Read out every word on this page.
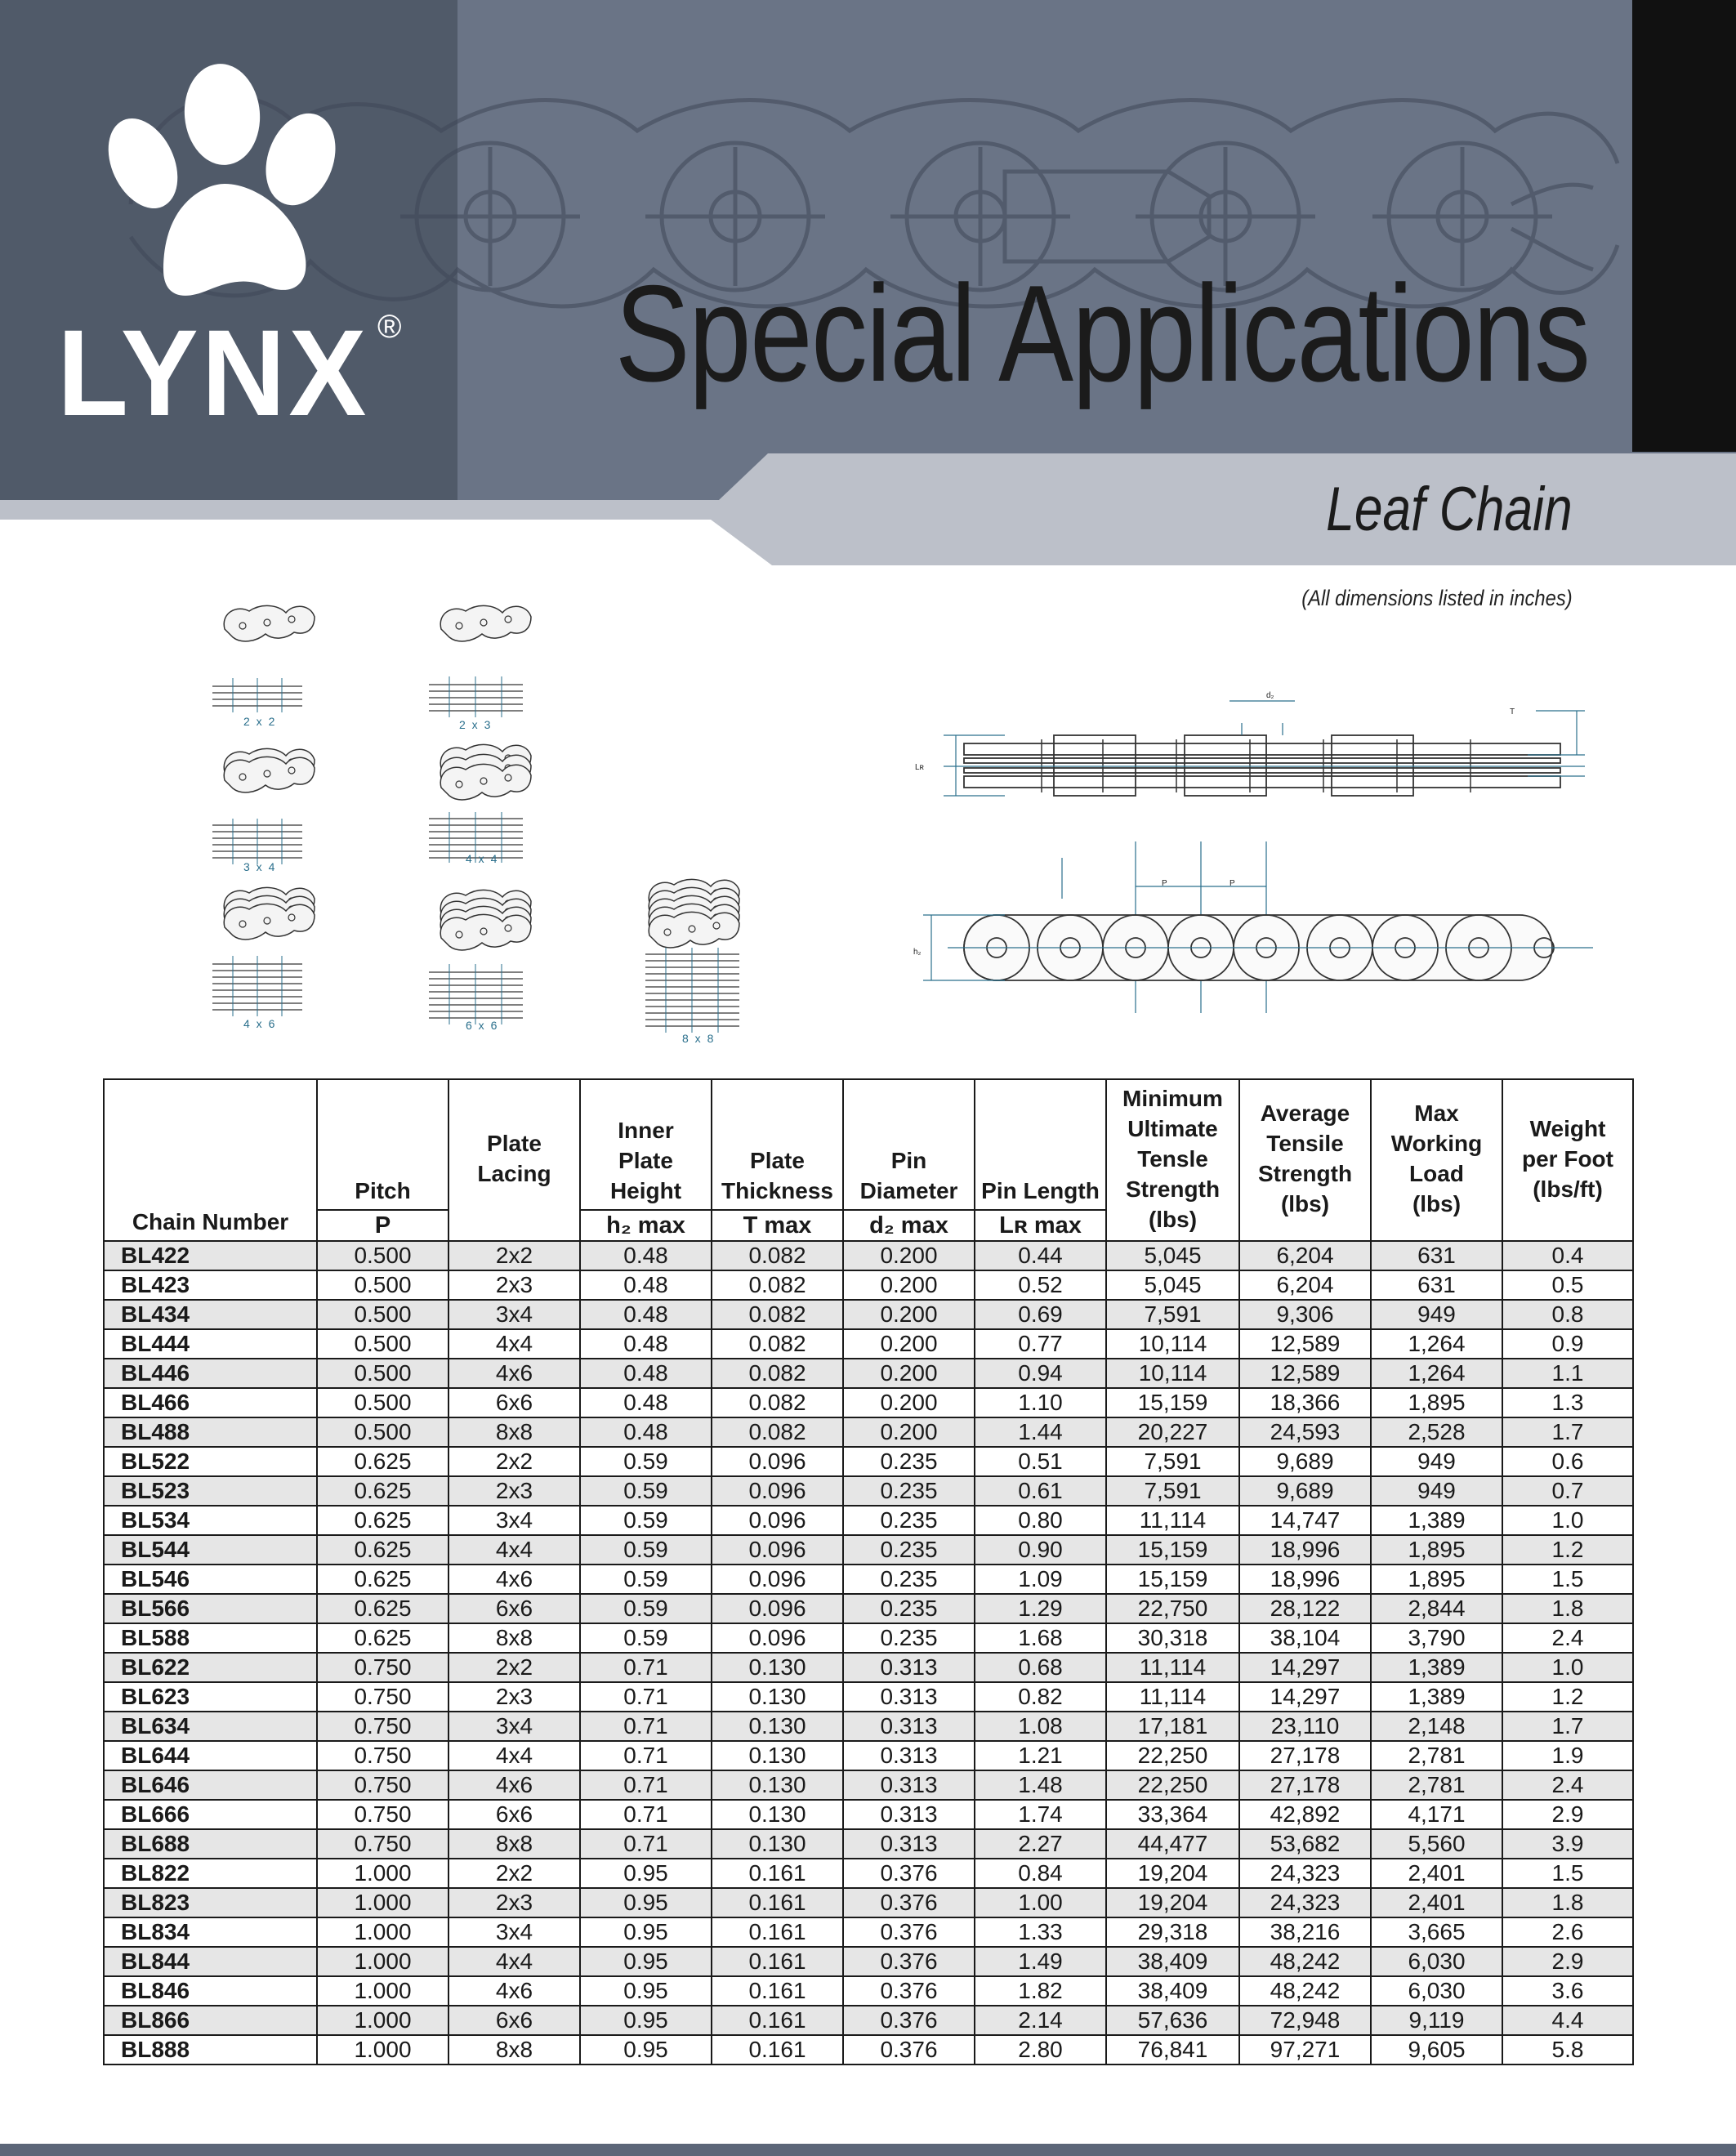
LYNX ® Special Applications
Leaf Chain
(All dimensions listed in inches)
2 x 2	2 x 3
3 x 4
4 x 4
4 x 6	6 x 6
8 x 8
d₂
T
Lʀ
P	P
h₂
Chain Number	Pitch	Plate Lacing	Inner Plate Height	Plate Thickness	Pin Diameter	Pin Length	Minimum Ultimate Tensle Strength (lbs)	Average Tensile Strength (lbs)	Max Working Load (lbs)	Weight per Foot (lbs/ft)

	P		h₂ max	T max	d₂ max	Lʀ max				
BL422	0.500	2x2	0.48	0.082	0.200	0.44	5,045	6,204	631	0.4
BL423	0.500	2x3	0.48	0.082	0.200	0.52	5,045	6,204	631	0.5
BL434	0.500	3x4	0.48	0.082	0.200	0.69	7,591	9,306	949	0.8
BL444	0.500	4x4	0.48	0.082	0.200	0.77	10,114	12,589	1,264	0.9
BL446	0.500	4x6	0.48	0.082	0.200	0.94	10,114	12,589	1,264	1.1
BL466	0.500	6x6	0.48	0.082	0.200	1.10	15,159	18,366	1,895	1.3
BL488	0.500	8x8	0.48	0.082	0.200	1.44	20,227	24,593	2,528	1.7
BL522	0.625	2x2	0.59	0.096	0.235	0.51	7,591	9,689	949	0.6
BL523	0.625	2x3	0.59	0.096	0.235	0.61	7,591	9,689	949	0.7
BL534	0.625	3x4	0.59	0.096	0.235	0.80	11,114	14,747	1,389	1.0
BL544	0.625	4x4	0.59	0.096	0.235	0.90	15,159	18,996	1,895	1.2
BL546	0.625	4x6	0.59	0.096	0.235	1.09	15,159	18,996	1,895	1.5
BL566	0.625	6x6	0.59	0.096	0.235	1.29	22,750	28,122	2,844	1.8
BL588	0.625	8x8	0.59	0.096	0.235	1.68	30,318	38,104	3,790	2.4
BL622	0.750	2x2	0.71	0.130	0.313	0.68	11,114	14,297	1,389	1.0
BL623	0.750	2x3	0.71	0.130	0.313	0.82	11,114	14,297	1,389	1.2
BL634	0.750	3x4	0.71	0.130	0.313	1.08	17,181	23,110	2,148	1.7
BL644	0.750	4x4	0.71	0.130	0.313	1.21	22,250	27,178	2,781	1.9
BL646	0.750	4x6	0.71	0.130	0.313	1.48	22,250	27,178	2,781	2.4
BL666	0.750	6x6	0.71	0.130	0.313	1.74	33,364	42,892	4,171	2.9
BL688	0.750	8x8	0.71	0.130	0.313	2.27	44,477	53,682	5,560	3.9
BL822	1.000	2x2	0.95	0.161	0.376	0.84	19,204	24,323	2,401	1.5
BL823	1.000	2x3	0.95	0.161	0.376	1.00	19,204	24,323	2,401	1.8
BL834	1.000	3x4	0.95	0.161	0.376	1.33	29,318	38,216	3,665	2.6
BL844	1.000	4x4	0.95	0.161	0.376	1.49	38,409	48,242	6,030	2.9
BL846	1.000	4x6	0.95	0.161	0.376	1.82	38,409	48,242	6,030	3.6
BL866	1.000	6x6	0.95	0.161	0.376	2.14	57,636	72,948	9,119	4.4
BL888	1.000	8x8	0.95	0.161	0.376	2.80	76,841	97,271	9,605	5.8
